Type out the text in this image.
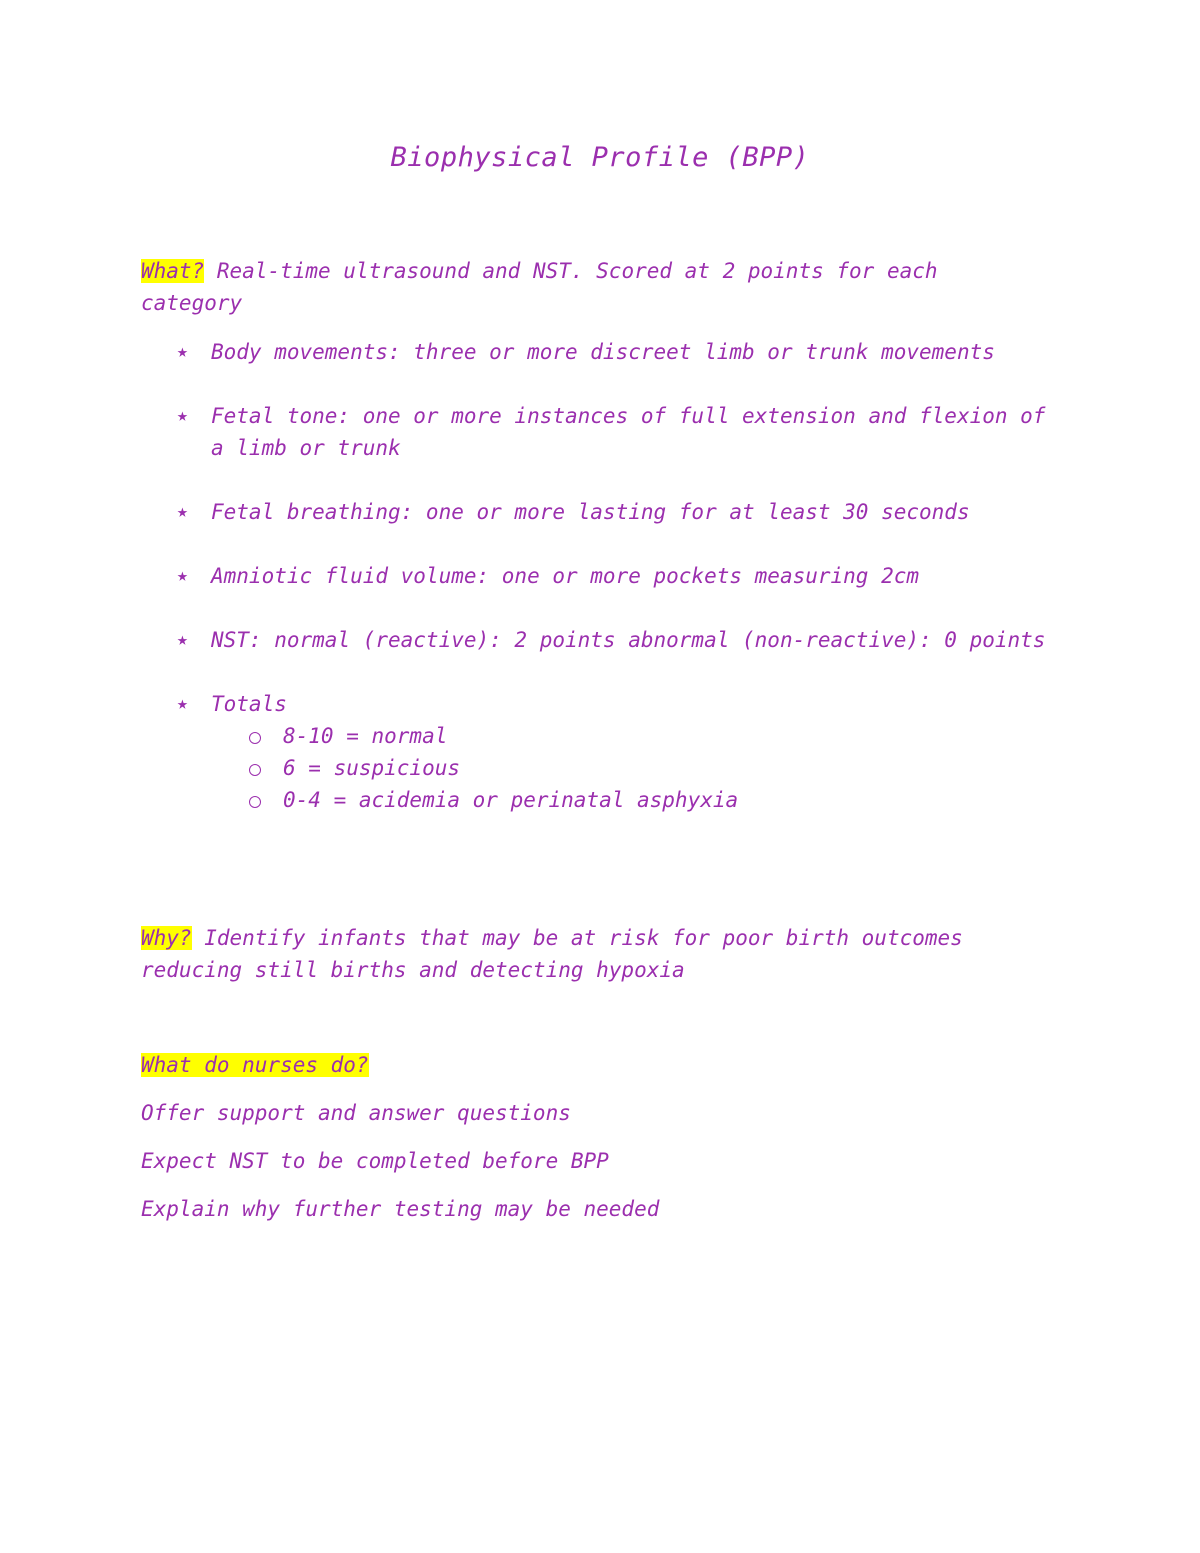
Biophysical Profile (BPP)

What? Real-time ultrasound and NST. Scored at 2 points for each category

★ Body movements: three or more discreet limb or trunk movements
★ Fetal tone: one or more instances of full extension and flexion of a limb or trunk
★ Fetal breathing: one or more lasting for at least 30 seconds
★ Amniotic fluid volume: one or more pockets measuring 2cm
★ NST: normal (reactive): 2 points abnormal (non-reactive): 0 points
★ Totals
8-10 = normal
6 = suspicious
0-4 = acidemia or perinatal asphyxia

Why? Identify infants that may be at risk for poor birth outcomes reducing still births and detecting hypoxia

What do nurses do?

Offer support and answer questions

Expect NST to be completed before BPP

Explain why further testing may be needed
